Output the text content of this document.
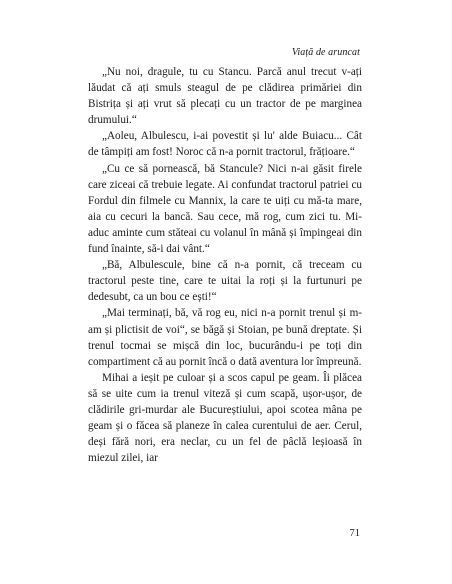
Viață de aruncat

„Nu noi, dragule, tu cu Stancu. Parcă anul trecut v-ați lăudat că ați smuls steagul de pe clădirea primăriei din Bistrița și ați vrut să plecați cu un tractor de pe marginea drumului.“

„Aoleu, Albulescu, i-ai povestit și lu' alde Buiacu... Cât de tâmpiți am fost! Noroc că n-a pornit tractorul, frățioare.“

„Cu ce să pornească, bă Stancule? Nici n-ai găsit firele care ziceai că trebuie legate. Ai confundat tractorul patriei cu Fordul din filmele cu Mannix, la care te uiți cu mă-ta mare, aia cu cecuri la bancă. Sau cece, mă rog, cum zici tu. Mi-aduc aminte cum stăteai cu volanul în mână și împingeai din fund înainte, să-i dai vânt.“

„Bă, Albulescule, bine că n-a pornit, că treceam cu tractorul peste tine, care te uitai la roți și la furtunuri pe dedesubt, ca un bou ce ești!“

„Mai terminați, bă, vă rog eu, nici n-a pornit trenul și m-am și plictisit de voi“, se băgă și Stoian, pe bună dreptate. Și trenul tocmai se mișcă din loc, bucurându-i pe toți din compartiment că au pornit încă o dată aventura lor împreună.

Mihai a ieșit pe culoar și a scos capul pe geam. Îi plăcea să se uite cum ia trenul viteză și cum scapă, ușor-ușor, de clădirile gri-murdar ale Bucureștiului, apoi scotea mâna pe geam și o făcea să planeze în calea curentului de aer. Cerul, deși fără nori, era neclar, cu un fel de pâclă leșioasă în miezul zilei, iar

71
